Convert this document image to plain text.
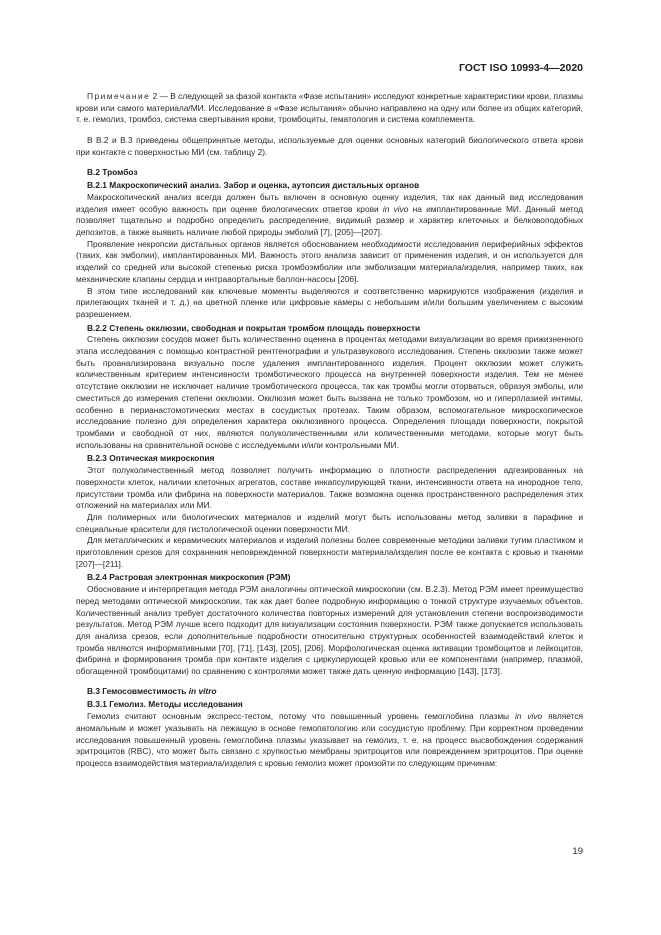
ГОСТ ISO 10993-4—2020

Примечание 2 — В следующей за фазой контакта «Фазе испытания» исследуют конкретные характеристики крови, плазмы крови или самого материала/МИ. Исследование в «Фазе испытания» обычно направлено на одну или более из общих категорий, т. е. гемолиз, тромбоз, система свертывания крови, тромбоциты, гематология и система комплемента.

В В.2 и В.3 приведены общепринятые методы, используемые для оценки основных категорий биологического ответа крови при контакте с поверхностью МИ (см. таблицу 2).

В.2 Тромбоз

В.2.1 Макроскопический анализ. Забор и оценка, аутопсия дистальных органов

Макроскопический анализ всегда должен быть включен в основную оценку изделия, так как данный вид исследования изделия имеет особую важность при оценке биологических ответов крови in vivo на имплантированные МИ. Данный метод позволяет тщательно и подробно определить распределение, видимый размер и характер клеточных и белковоподобных депозитов, а также выявить наличие любой природы эмболий [7], [205]—[207].

Проявление некропсии дистальных органов является обоснованием необходимости исследования периферийных эффектов (таких, как эмболии), имплантированных МИ. Важность этого анализа зависит от применения изделия, и он используется для изделий со средней или высокой степенью риска тромбоэмболии или эмболизации материала/изделия, например таких, как механические клапаны сердца и интрааортальные баллон-насосы [206].

В этом типе исследований как ключевые моменты выделяются и соответственно маркируются изображения (изделия и прилегающих тканей и т. д.) на цветной пленке или цифровые камеры с небольшим и/или большим увеличением с высоким разрешением.

В.2.2 Степень окклюзии, свободная и покрытая тромбом площадь поверхности

Степень окклюзии сосудов может быть количественно оценена в процентах методами визуализации во время прижизненного этапа исследования с помощью контрастной рентгенографии и ультразвукового исследования. Степень окклюзии также может быть проанализирована визуально после удаления имплантированного изделия. Процент окклюзии может служить количественным критерием интенсивности тромботического процесса на внутренней поверхности изделия. Тем не менее отсутствие окклюзии не исключает наличие тромботического процесса, так как тромбы могли оторваться, образуя эмболы, или сместиться до измерения степени окклюзии. Окклюзия может быть вызвана не только тромбозом, но и гиперплазией интимы, особенно в перианастомотических местах в сосудистых протезах. Таким образом, вспомогательное микроскопическое исследование полезно для определения характера окклюзивного процесса. Определения площади поверхности, покрытой тромбами и свободной от них, являются полуколичественными или количественными методами, которые могут быть использованы на сравнительной основе с исследуемыми и/или контрольными МИ.

В.2.3 Оптическая микроскопия

Этот полуколичественный метод позволяет получить информацию о плотности распределения адгезированных на поверхности клеток, наличии клеточных агрегатов, составе инкапсулирующей ткани, интенсивности ответа на инородное тело, присутствии тромба или фибрина на поверхности материалов. Также возможна оценка пространственного распределения этих отложений на материалах или МИ.

Для полимерных или биологических материалов и изделий могут быть использованы метод заливки в парафине и специальные красители для гистологической оценки поверхности МИ.

Для металлических и керамических материалов и изделий полезны более современные методики заливки тугим пластиком и приготовления срезов для сохранения неповрежденной поверхности материала/изделия после ее контакта с кровью и тканями [207]—[211].

В.2.4 Растровая электронная микроскопия (РЭМ)

Обоснование и интерпретация метода РЭМ аналогичны оптической микроскопии (см. В.2.3). Метод РЭМ имеет преимущество перед методами оптической микроскопии, так как дает более подробную информацию о тонкой структуре изучаемых объектов. Количественный анализ требует достаточного количества повторных измерений для установления степени воспроизводимости результатов. Метод РЭМ лучше всего подходит для визуализации состояния поверхности. РЭМ также допускается использовать для анализа срезов, если дополнительные подробности относительно структурных особенностей взаимодействий клеток и тромба являются информативными [70], [71], [143], [205], [206]. Морфологическая оценка активации тромбоцитов и лейкоцитов, фибрина и формирования тромба при контакте изделия с циркулирующей кровью или ее компонентами (например, плазмой, обогащенной тромбоцитами) по сравнению с контролями может также дать ценную информацию [143], [173].

В.3 Гемосовместимость in vitro

В.3.1 Гемолиз. Методы исследования

Гемолиз считают основным экспресс-тестом, потому что повышенный уровень гемоглобина плазмы in vivo является аномальным и может указывать на лежащую в основе гемопатологию или сосудистую проблему. При корректном проведении исследования повышенный уровень гемоглобина плазмы указывает на гемолиз, т. е. на процесс высвобождения содержания эритроцитов (RBC), что может быть связано с хрупкостью мембраны эритроцитов или повреждением эритроцитов. При оценке процесса взаимодействия материала/изделия с кровью гемолиз может произойти по следующим причинам:

19
